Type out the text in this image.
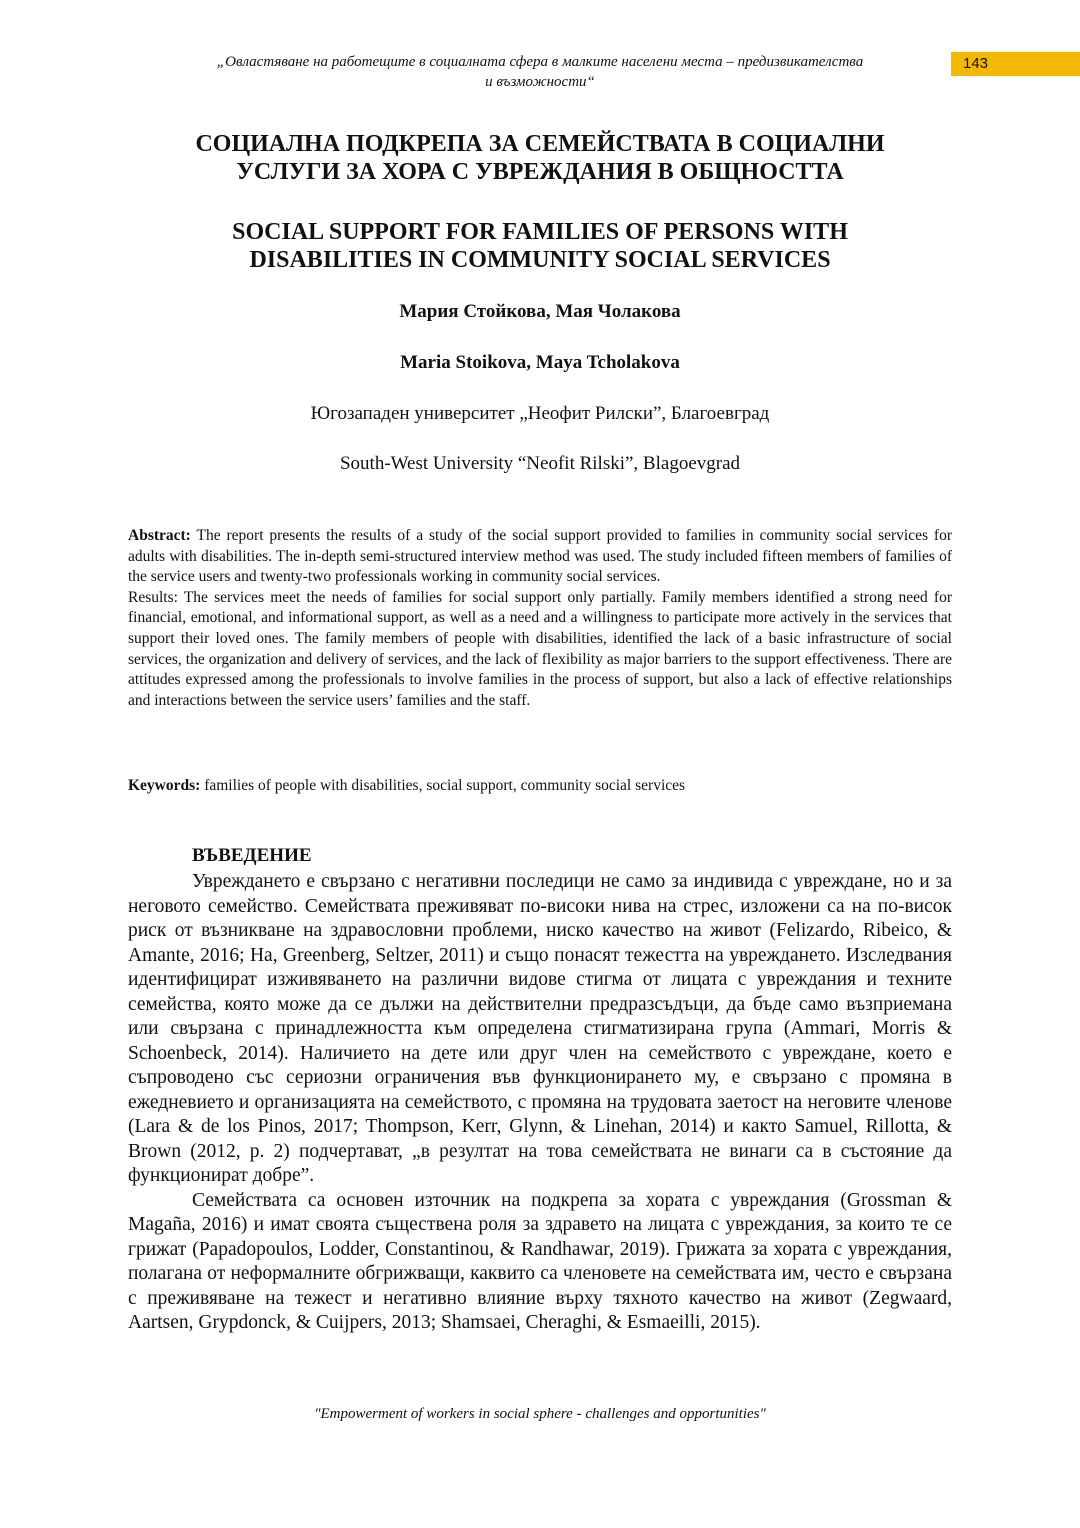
„Овластяване на работещите в социалната сфера в малките населени места – предизвикателства
и възможности“
143
СОЦИАЛНА ПОДКРЕПА ЗА СЕМЕЙСТВАТА В СОЦИАЛНИ
УСЛУГИ ЗА ХОРА С УВРЕЖДАНИЯ В ОБЩНОСТТА
SOCIAL SUPPORT FOR FAMILIES OF PERSONS WITH
DISABILITIES IN COMMUNITY SOCIAL SERVICES
Мария Стойкова, Мая Чолакова
Maria Stoikova, Maya Tcholakova
Югозападен университет „Неофит Рилски”, Благоевград
South-West University “Neofit Rilski”, Blagoevgrad

Abstract: The report presents the results of a study of the social support provided to families in community social services for adults with disabilities. The in-depth semi-structured interview method was used. The study included fifteen members of families of the service users and twenty-two professionals working in community social services.

Results: The services meet the needs of families for social support only partially. Family members identified a strong need for financial, emotional, and informational support, as well as a need and a willingness to participate more actively in the services that support their loved ones. The family members of people with disabilities, identified the lack of a basic infrastructure of social services, the organization and delivery of services, and the lack of flexibility as major barriers to the support effectiveness. There are attitudes expressed among the professionals to involve families in the process of support, but also a lack of effective relationships and interactions between the service users’ families and the staff.

Keywords: families of people with disabilities, social support, community social services
ВЪВЕДЕНИЕ

Увреждането е свързано с негативни последици не само за индивида с увреждане, но и за неговото семейство. Семействата преживяват по-високи нива на стрес, изложени са на по-висок риск от възникване на здравословни проблеми, ниско качество на живот (Felizardo, Ribeico, & Amante, 2016; Ha, Greenberg, Seltzer, 2011) и също понасят тежестта на увреждането. Изследвания идентифицират изживяването на различни видове стигма от лицата с увреждания и техните семейства, която може да се дължи на действителни предразсъдъци, да бъде само възприемана или свързана с принадлежността към определена стигматизирана група (Ammari, Morris & Schoenbeck, 2014). Наличието на дете или друг член на семейството с увреждане, което е съпроводено със сериозни ограничения във функционирането му, е свързано с промяна в ежедневието и организацията на семейството, с промяна на трудовата заетост на неговите членове (Lara & de los Pinos, 2017; Thompson, Kerr, Glynn, & Linehan, 2014) и както Samuel, Rillotta, & Brown (2012, p. 2) подчертават, „в резултат на това семействата не винаги са в състояние да функционират добре”.

Семействата са основен източник на подкрепа за хората с увреждания (Grossman & Magaña, 2016) и имат своята съществена роля за здравето на лицата с увреждания, за които те се грижат (Papadopoulos, Lodder, Constantinou, & Randhawar, 2019). Грижата за хората с увреждания, полагана от неформалните обгрижващи, каквито са членовете на семействата им, често е свързана с преживяване на тежест и негативно влияние върху тяхното качество на живот (Zegwaard, Aartsen, Grypdonck, & Cuijpers, 2013; Shamsaei, Cheraghi, & Esmaeilli, 2015).

"Empowerment of workers in social sphere - challenges and opportunities"
